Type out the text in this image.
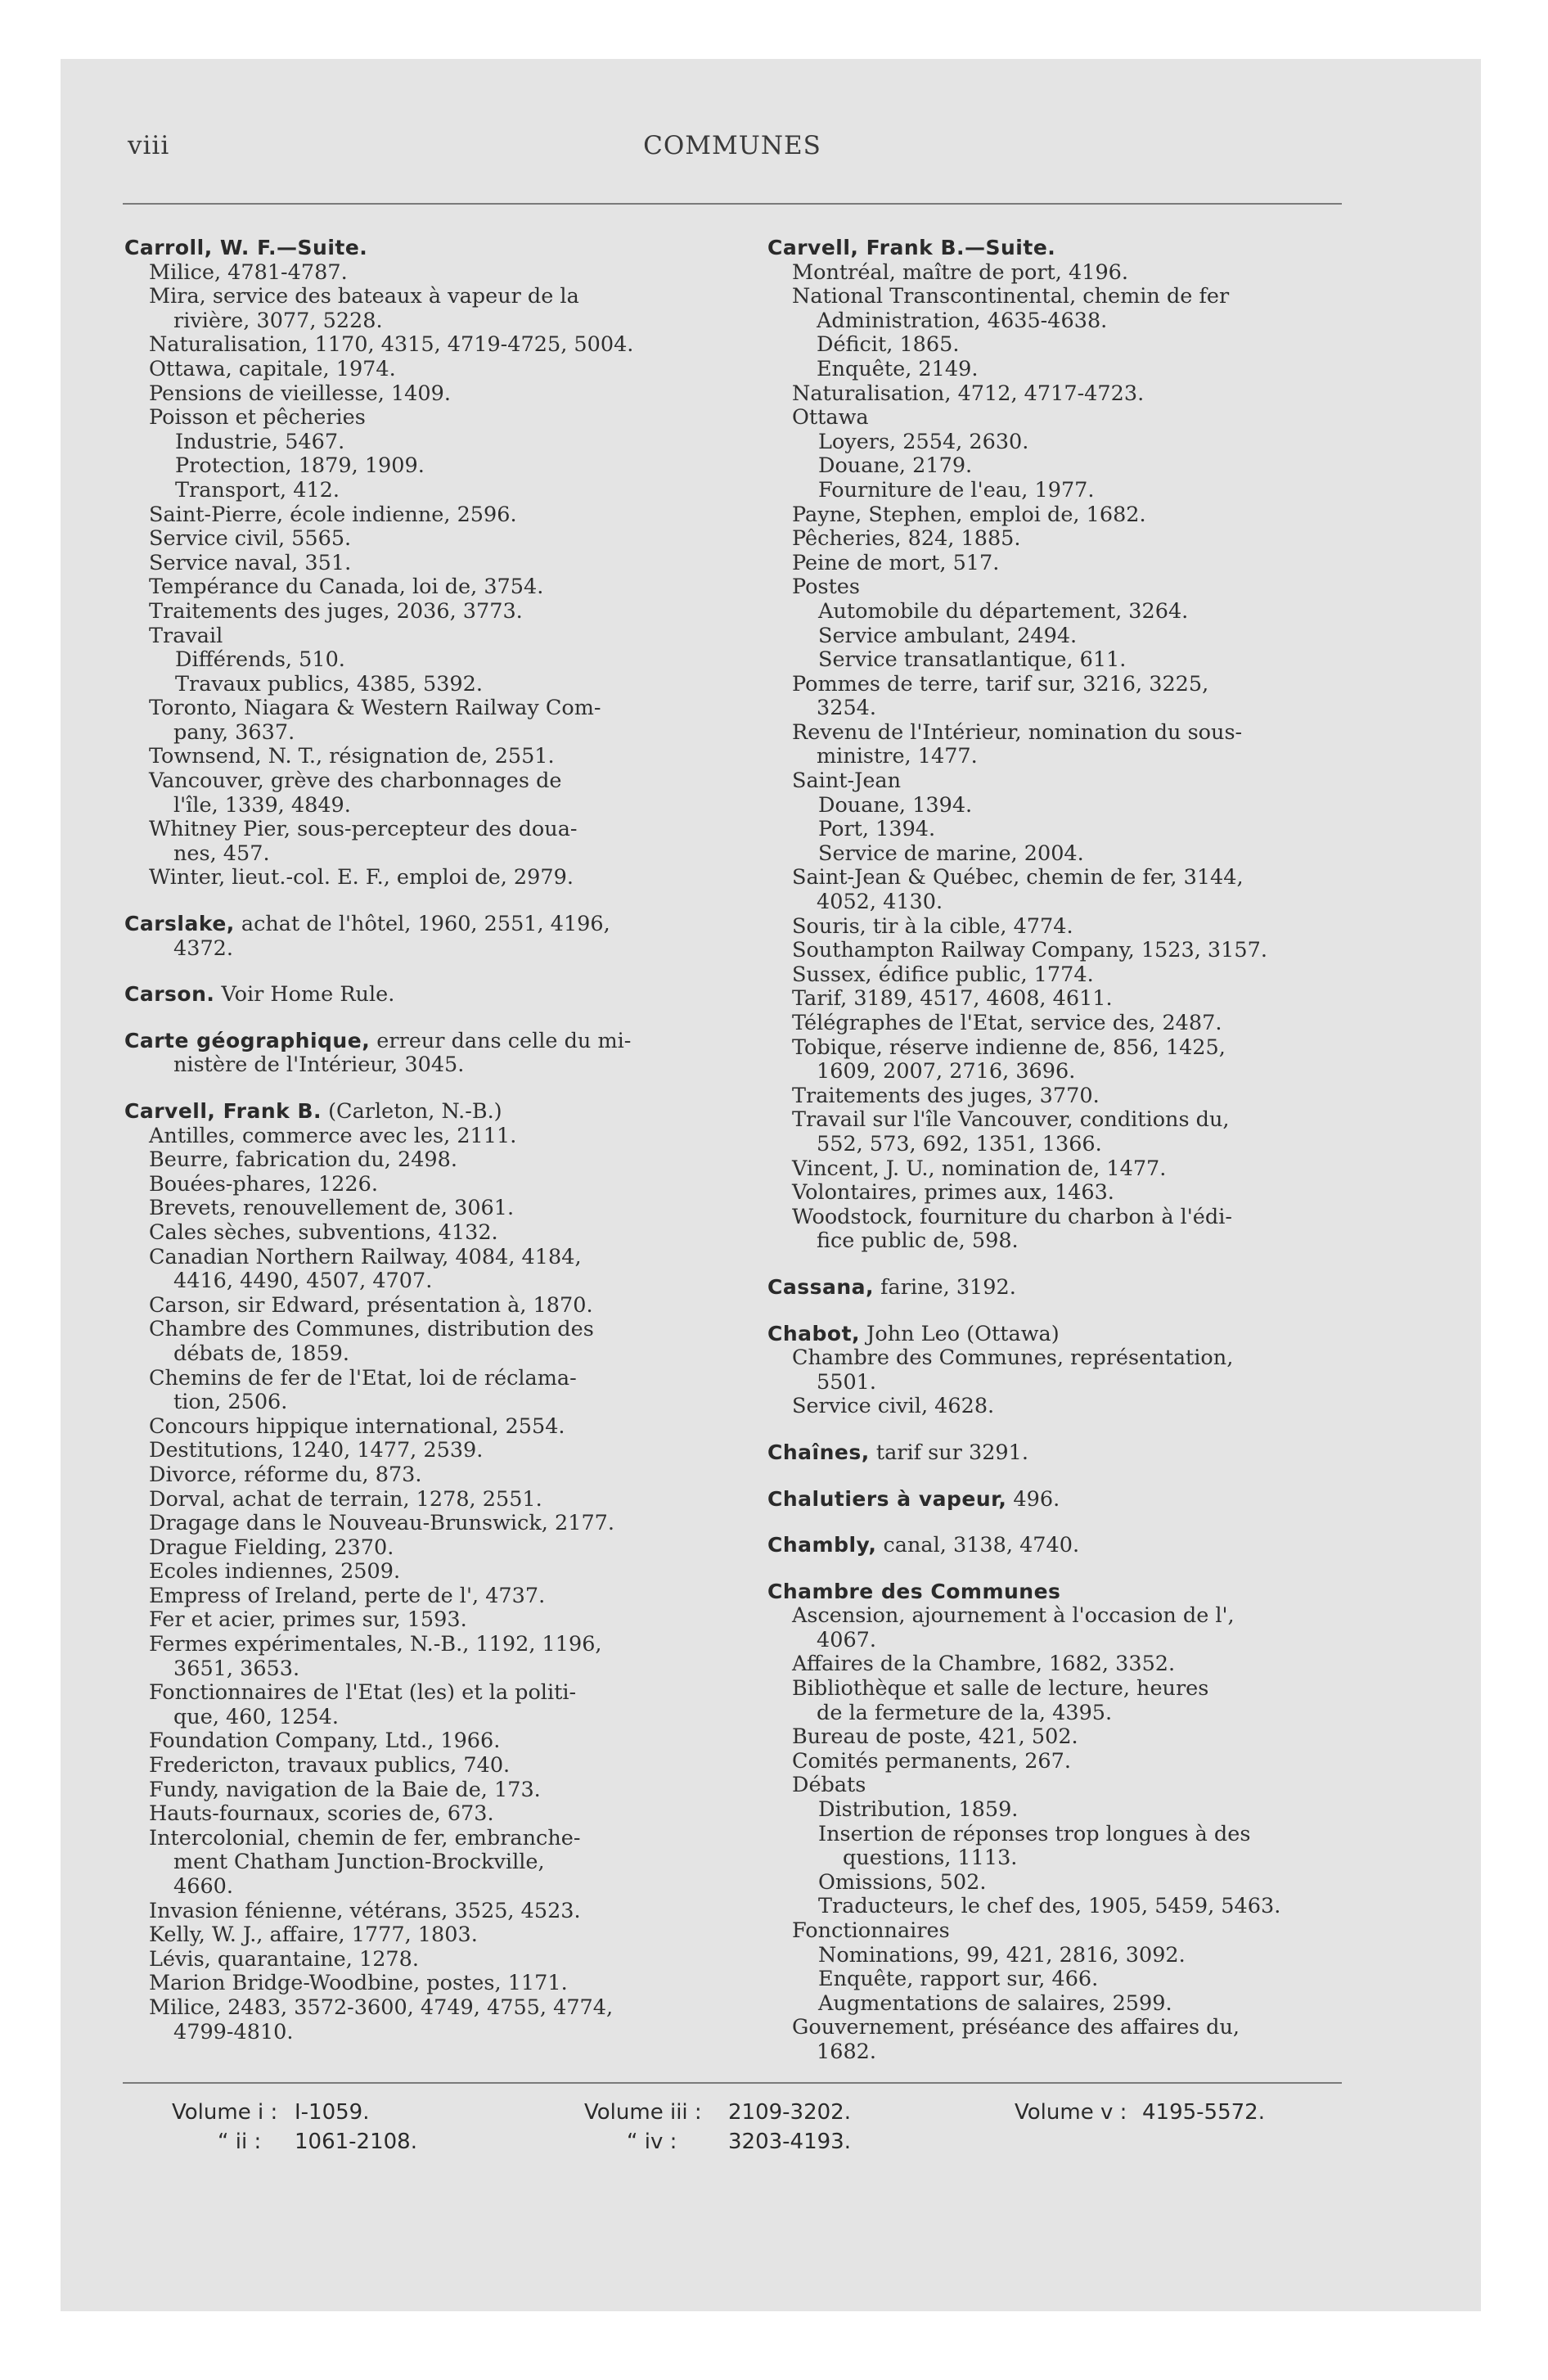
viii	COMMUNES
Carroll, W. F.—Suite.
Milice, 4781-4787.
Mira, service des bateaux à vapeur de la
rivière, 3077, 5228.
Naturalisation, 1170, 4315, 4719-4725, 5004.
Ottawa, capitale, 1974.
Pensions de vieillesse, 1409.
Poisson et pêcheries
Industrie, 5467.
Protection, 1879, 1909.
Transport, 412.
Saint-Pierre, école indienne, 2596.
Service civil, 5565.
Service naval, 351.
Tempérance du Canada, loi de, 3754.
Traitements des juges, 2036, 3773.
Travail
Différends, 510.
Travaux publics, 4385, 5392.
Toronto, Niagara & Western Railway Com-
pany, 3637.
Townsend, N. T., résignation de, 2551.
Vancouver, grève des charbonnages de
l'île, 1339, 4849.
Whitney Pier, sous-percepteur des doua-
nes, 457.
Winter, lieut.-col. E. F., emploi de, 2979.
Carslake, achat de l'hôtel, 1960, 2551, 4196,
4372.
Carson. Voir Home Rule.
Carte géographique, erreur dans celle du mi-
nistère de l'Intérieur, 3045.
Carvell, Frank B. (Carleton, N.-B.)
Antilles, commerce avec les, 2111.
Beurre, fabrication du, 2498.
Bouées-phares, 1226.
Brevets, renouvellement de, 3061.
Cales sèches, subventions, 4132.
Canadian Northern Railway, 4084, 4184,
4416, 4490, 4507, 4707.
Carson, sir Edward, présentation à, 1870.
Chambre des Communes, distribution des
débats de, 1859.
Chemins de fer de l'Etat, loi de réclama-
tion, 2506.
Concours hippique international, 2554.
Destitutions, 1240, 1477, 2539.
Divorce, réforme du, 873.
Dorval, achat de terrain, 1278, 2551.
Dragage dans le Nouveau-Brunswick, 2177.
Drague Fielding, 2370.
Ecoles indiennes, 2509.
Empress of Ireland, perte de l', 4737.
Fer et acier, primes sur, 1593.
Fermes expérimentales, N.-B., 1192, 1196,
3651, 3653.
Fonctionnaires de l'Etat (les) et la politi-
que, 460, 1254.
Foundation Company, Ltd., 1966.
Fredericton, travaux publics, 740.
Fundy, navigation de la Baie de, 173.
Hauts-fournaux, scories de, 673.
Intercolonial, chemin de fer, embranche-
ment Chatham Junction-Brockville,
4660.
Invasion fénienne, vétérans, 3525, 4523.
Kelly, W. J., affaire, 1777, 1803.
Lévis, quarantaine, 1278.
Marion Bridge-Woodbine, postes, 1171.
Milice, 2483, 3572-3600, 4749, 4755, 4774,
4799-4810.
Carvell, Frank B.—Suite.
Montréal, maître de port, 4196.
National Transcontinental, chemin de fer
Administration, 4635-4638.
Déficit, 1865.
Enquête, 2149.
Naturalisation, 4712, 4717-4723.
Ottawa
Loyers, 2554, 2630.
Douane, 2179.
Fourniture de l'eau, 1977.
Payne, Stephen, emploi de, 1682.
Pêcheries, 824, 1885.
Peine de mort, 517.
Postes
Automobile du département, 3264.
Service ambulant, 2494.
Service transatlantique, 611.
Pommes de terre, tarif sur, 3216, 3225,
3254.
Revenu de l'Intérieur, nomination du sous-
ministre, 1477.
Saint-Jean
Douane, 1394.
Port, 1394.
Service de marine, 2004.
Saint-Jean & Québec, chemin de fer, 3144,
4052, 4130.
Souris, tir à la cible, 4774.
Southampton Railway Company, 1523, 3157.
Sussex, édifice public, 1774.
Tarif, 3189, 4517, 4608, 4611.
Télégraphes de l'Etat, service des, 2487.
Tobique, réserve indienne de, 856, 1425,
1609, 2007, 2716, 3696.
Traitements des juges, 3770.
Travail sur l'île Vancouver, conditions du,
552, 573, 692, 1351, 1366.
Vincent, J. U., nomination de, 1477.
Volontaires, primes aux, 1463.
Woodstock, fourniture du charbon à l'édi-
fice public de, 598.
Cassana, farine, 3192.
Chabot, John Leo (Ottawa)
Chambre des Communes, représentation,
5501.
Service civil, 4628.
Chaînes, tarif sur 3291.
Chalutiers à vapeur, 496.
Chambly, canal, 3138, 4740.
Chambre des Communes
Ascension, ajournement à l'occasion de l',
4067.
Affaires de la Chambre, 1682, 3352.
Bibliothèque et salle de lecture, heures
de la fermeture de la, 4395.
Bureau de poste, 421, 502.
Comités permanents, 267.
Débats
Distribution, 1859.
Insertion de réponses trop longues à des
questions, 1113.
Omissions, 502.
Traducteurs, le chef des, 1905, 5459, 5463.
Fonctionnaires
Nominations, 99, 421, 2816, 3092.
Enquête, rapport sur, 466.
Augmentations de salaires, 2599.
Gouvernement, préséance des affaires du,
1682.
Volume i : I-1059.
“ ii : 1061-2108.
Volume iii : 2109-3202.
“ iv : 3203-4193.
Volume v : 4195-5572.
